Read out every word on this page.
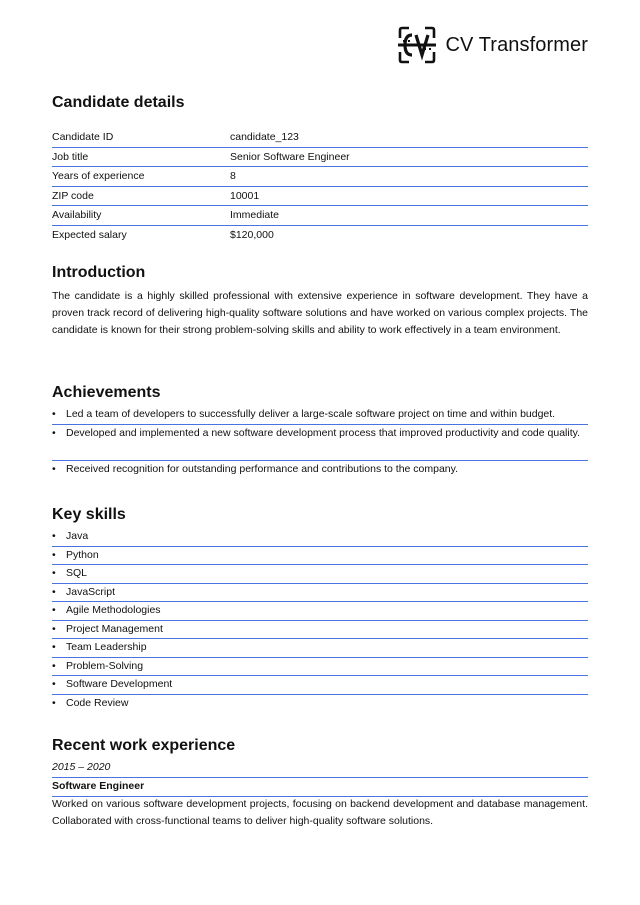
CV Transformer
Candidate details
Candidate ID	candidate_123
Job title	Senior Software Engineer
Years of experience	8
ZIP code	10001
Availability	Immediate
Expected salary	$120,000
Introduction

The candidate is a highly skilled professional with extensive experience in software development. They have a proven track record of delivering high-quality software solutions and have worked on various complex projects. The candidate is known for their strong problem-solving skills and ability to work effectively in a team environment.

Achievements
• Led a team of developers to successfully deliver a large-scale software project on time and within budget.
• Developed and implemented a new software development process that improved productivity and code quality.
• Received recognition for outstanding performance and contributions to the company.
Key skills
• Java
• Python
• SQL
• JavaScript
• Agile Methodologies
• Project Management
• Team Leadership
• Problem-Solving
• Software Development
• Code Review
Recent work experience
2015 – 2020
Software Engineer

Worked on various software development projects, focusing on backend development and database management. Collaborated with cross-functional teams to deliver high-quality software solutions.
